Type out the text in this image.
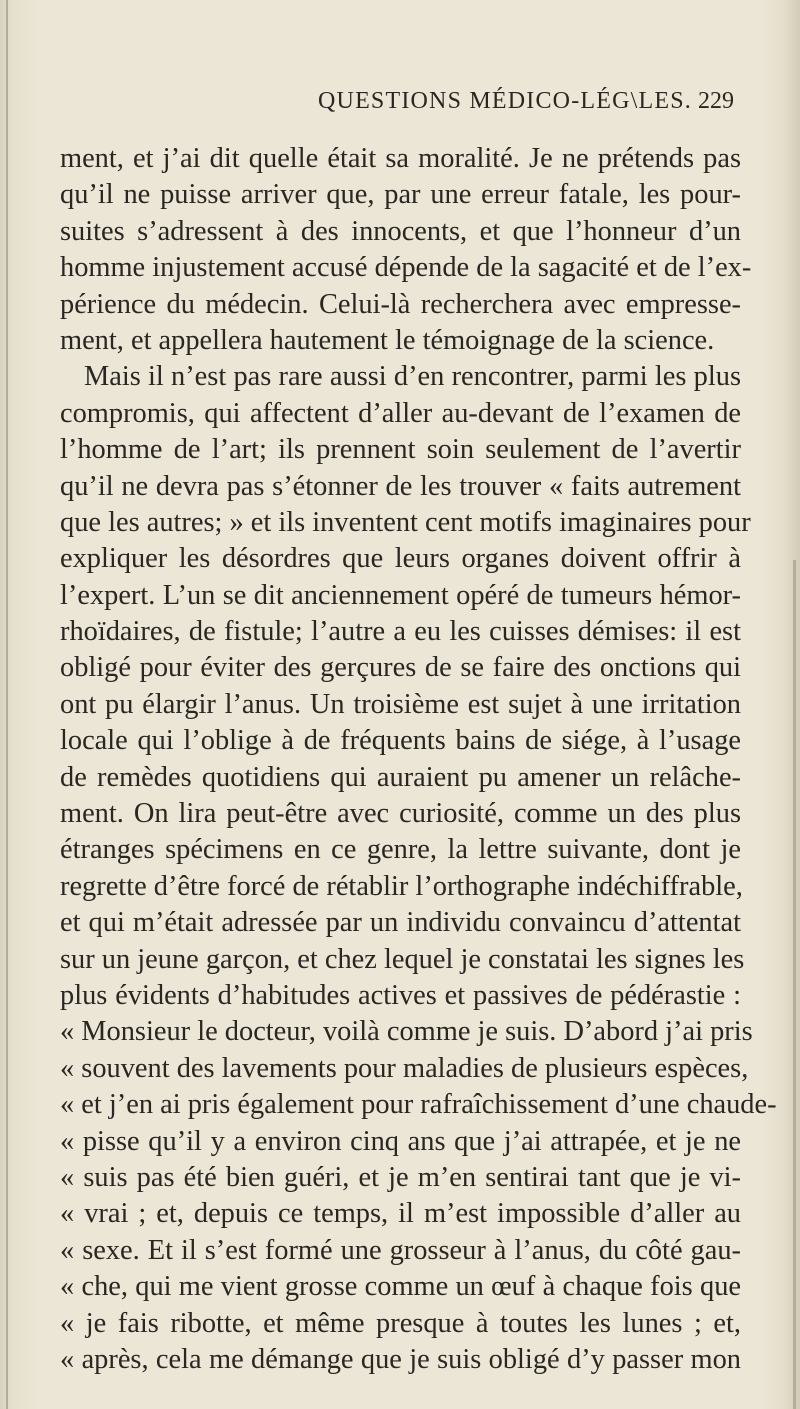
QUESTIONS MÉDICO-LÉG\LES. 229
ment, et j’ai dit quelle était sa moralité. Je ne prétends pas
qu’il ne puisse arriver que, par une erreur fatale, les pour-
suites s’adressent à des innocents, et que l’honneur d’un
homme injustement accusé dépende de la sagacité et de l’ex-
périence du médecin. Celui-là recherchera avec empresse-
ment, et appellera hautement le témoignage de la science.
Mais il n’est pas rare aussi d’en rencontrer, parmi les plus
compromis, qui affectent d’aller au-devant de l’examen de
l’homme de l’art; ils prennent soin seulement de l’avertir
qu’il ne devra pas s’étonner de les trouver « faits autrement
que les autres; » et ils inventent cent motifs imaginaires pour
expliquer les désordres que leurs organes doivent offrir à
l’expert. L’un se dit anciennement opéré de tumeurs hémor-
rhoïdaires, de fistule; l’autre a eu les cuisses démises: il est
obligé pour éviter des gerçures de se faire des onctions qui
ont pu élargir l’anus. Un troisième est sujet à une irritation
locale qui l’oblige à de fréquents bains de siége, à l’usage
de remèdes quotidiens qui auraient pu amener un relâche-
ment. On lira peut-être avec curiosité, comme un des plus
étranges spécimens en ce genre, la lettre suivante, dont je
regrette d’être forcé de rétablir l’orthographe indéchiffrable,
et qui m’était adressée par un individu convaincu d’attentat
sur un jeune garçon, et chez lequel je constatai les signes les
plus évidents d’habitudes actives et passives de pédérastie :
« Monsieur le docteur, voilà comme je suis. D’abord j’ai pris
« souvent des lavements pour maladies de plusieurs espèces,
« et j’en ai pris également pour rafraîchissement d’une chaude-
« pisse qu’il y a environ cinq ans que j’ai attrapée, et je ne
« suis pas été bien guéri, et je m’en sentirai tant que je vi-
« vrai ; et, depuis ce temps, il m’est impossible d’aller au
« sexe. Et il s’est formé une grosseur à l’anus, du côté gau-
« che, qui me vient grosse comme un œuf à chaque fois que
« je fais ribotte, et même presque à toutes les lunes ; et,
« après, cela me démange que je suis obligé d’y passer mon
